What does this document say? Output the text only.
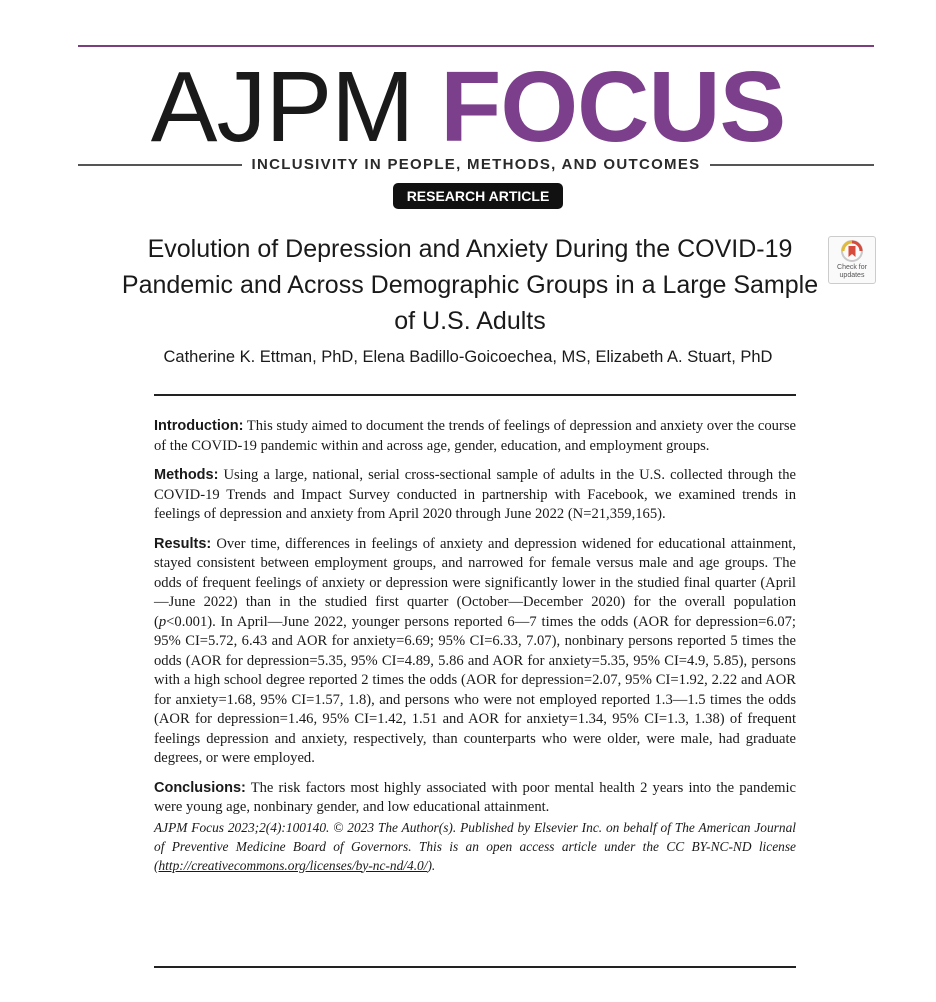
AJPM FOCUS
INCLUSIVITY IN PEOPLE, METHODS, AND OUTCOMES
RESEARCH ARTICLE
Evolution of Depression and Anxiety During the COVID-19 Pandemic and Across Demographic Groups in a Large Sample of U.S. Adults
Check for
updates
Catherine K. Ettman, PhD, Elena Badillo-Goicoechea, MS, Elizabeth A. Stuart, PhD

Introduction: This study aimed to document the trends of feelings of depression and anxiety over the course of the COVID-19 pandemic within and across age, gender, education, and employment groups.

Methods: Using a large, national, serial cross-sectional sample of adults in the U.S. collected through the COVID-19 Trends and Impact Survey conducted in partnership with Facebook, we examined trends in feelings of depression and anxiety from April 2020 through June 2022 (N=21,359,165).

Results: Over time, differences in feelings of anxiety and depression widened for educational attainment, stayed consistent between employment groups, and narrowed for female versus male and age groups. The odds of frequent feelings of anxiety or depression were significantly lower in the studied final quarter (April—June 2022) than in the studied first quarter (October—December 2020) for the overall population (p<0.001). In April—June 2022, younger persons reported 6—7 times the odds (AOR for depression=6.07; 95% CI=5.72, 6.43 and AOR for anxiety=6.69; 95% CI=6.33, 7.07), nonbinary persons reported 5 times the odds (AOR for depression=5.35, 95% CI=4.89, 5.86 and AOR for anxiety=5.35, 95% CI=4.9, 5.85), persons with a high school degree reported 2 times the odds (AOR for depression=2.07, 95% CI=1.92, 2.22 and AOR for anxiety=1.68, 95% CI=1.57, 1.8), and persons who were not employed reported 1.3—1.5 times the odds (AOR for depression=1.46, 95% CI=1.42, 1.51 and AOR for anxiety=1.34, 95% CI=1.3, 1.38) of frequent feelings depression and anxiety, respectively, than counterparts who were older, were male, had graduate degrees, or were employed.

Conclusions: The risk factors most highly associated with poor mental health 2 years into the pandemic were young age, nonbinary gender, and low educational attainment.

AJPM Focus 2023;2(4):100140. © 2023 The Author(s). Published by Elsevier Inc. on behalf of The American Journal of Preventive Medicine Board of Governors. This is an open access article under the CC BY-NC-ND license (http://creativecommons.org/licenses/by-nc-nd/4.0/).
